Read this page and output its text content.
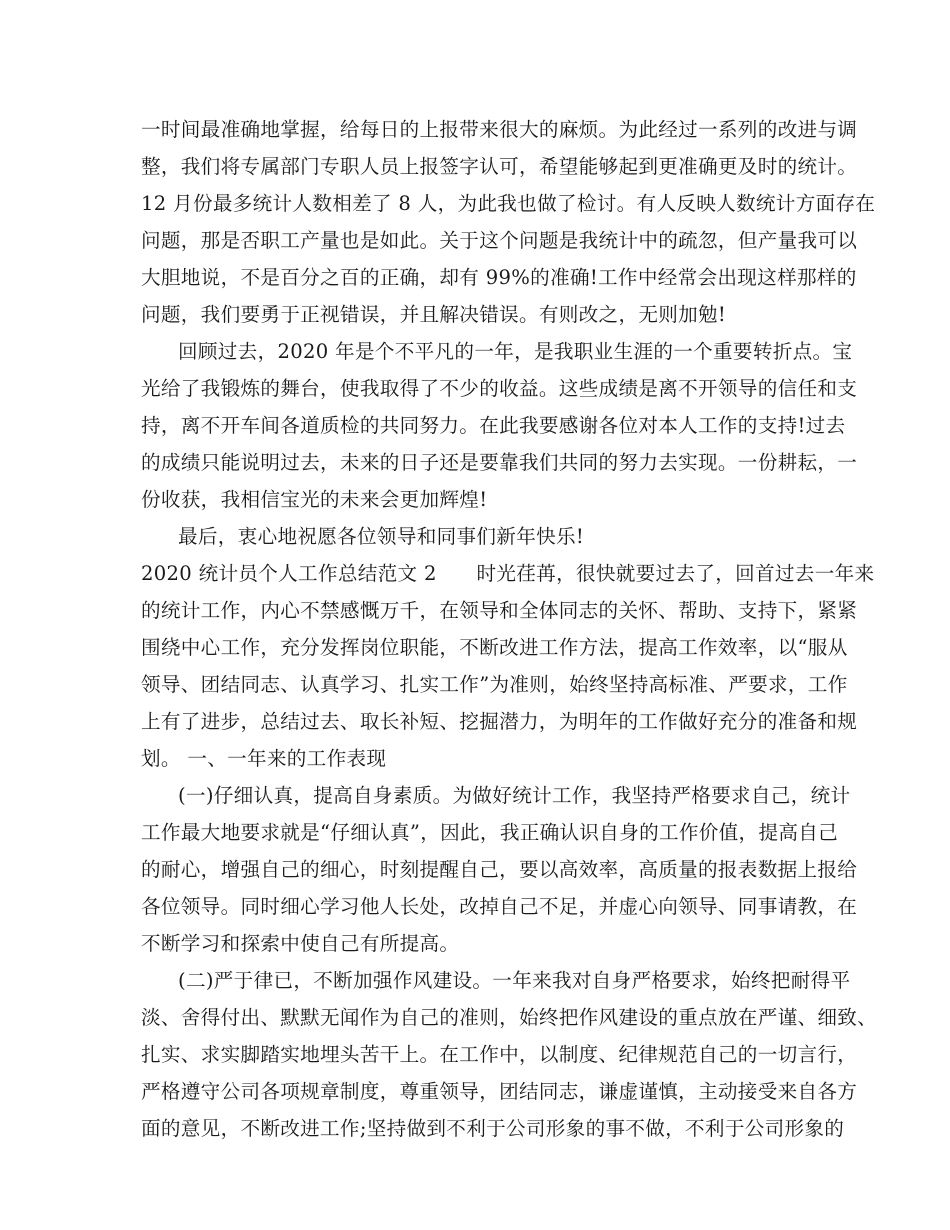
一时间最准确地掌握，给每日的上报带来很大的麻烦。为此经过一系列的改进与调
整，我们将专属部门专职人员上报签字认可，希望能够起到更准确更及时的统计。
12 月份最多统计人数相差了 8 人，为此我也做了检讨。有人反映人数统计方面存在
问题，那是否职工产量也是如此。关于这个问题是我统计中的疏忽，但产量我可以
大胆地说，不是百分之百的正确，却有 99%的准确!工作中经常会出现这样那样的
问题，我们要勇于正视错误，并且解决错误。有则改之，无则加勉!
回顾过去，2020 年是个不平凡的一年，是我职业生涯的一个重要转折点。宝
光给了我锻炼的舞台，使我取得了不少的收益。这些成绩是离不开领导的信任和支
持，离不开车间各道质检的共同努力。在此我要感谢各位对本人工作的支持!过去
的成绩只能说明过去，未来的日子还是要靠我们共同的努力去实现。一份耕耘，一
份收获，我相信宝光的未来会更加辉煌!
最后，衷心地祝愿各位领导和同事们新年快乐!
2020 统计员个人工作总结范文 2　　时光荏苒，很快就要过去了，回首过去一年来
的统计工作，内心不禁感慨万千，在领导和全体同志的关怀、帮助、支持下，紧紧
围绕中心工作，充分发挥岗位职能，不断改进工作方法，提高工作效率，以“服从
领导、团结同志、认真学习、扎实工作”为准则，始终坚持高标准、严要求，工作
上有了进步，总结过去、取长补短、挖掘潜力，为明年的工作做好充分的准备和规
划。 一、一年来的工作表现
(一)仔细认真，提高自身素质。为做好统计工作，我坚持严格要求自己，统计
工作最大地要求就是“仔细认真”，因此，我正确认识自身的工作价值，提高自己
的耐心，增强自己的细心，时刻提醒自己，要以高效率，高质量的报表数据上报给
各位领导。同时细心学习他人长处，改掉自己不足，并虚心向领导、同事请教，在
不断学习和探索中使自己有所提高。
(二)严于律已，不断加强作风建设。一年来我对自身严格要求，始终把耐得平
淡、舍得付出、默默无闻作为自己的准则，始终把作风建设的重点放在严谨、细致、
扎实、求实脚踏实地埋头苦干上。在工作中，以制度、纪律规范自己的一切言行，
严格遵守公司各项规章制度，尊重领导，团结同志，谦虚谨慎，主动接受来自各方
面的意见，不断改进工作;坚持做到不利于公司形象的事不做，不利于公司形象的
